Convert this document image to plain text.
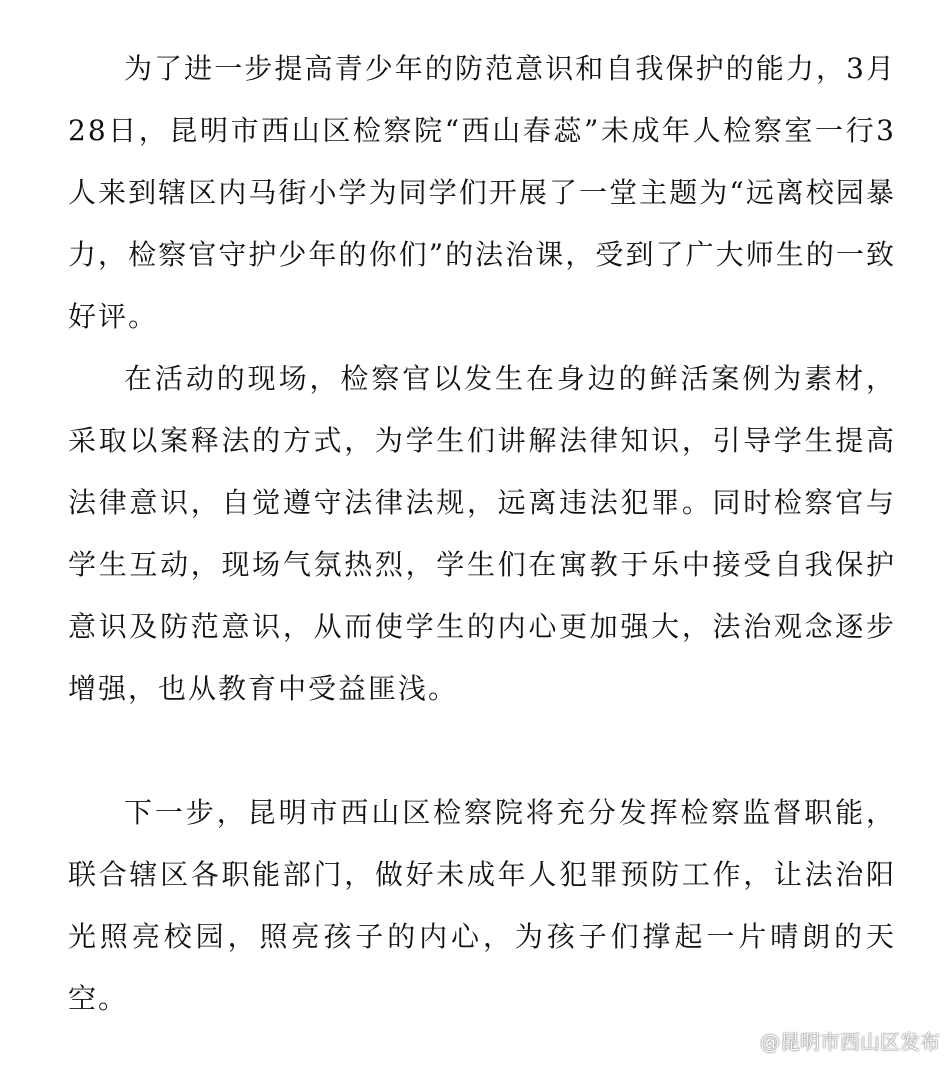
为了进一步提高青少年的防范意识和自我保护的能力，3月28日，昆明市西山区检察院“西山春蕊”未成年人检察室一行3人来到辖区内马街小学为同学们开展了一堂主题为“远离校园暴力，检察官守护少年的你们”的法治课，受到了广大师生的一致好评。

在活动的现场，检察官以发生在身边的鲜活案例为素材，采取以案释法的方式，为学生们讲解法律知识，引导学生提高法律意识，自觉遵守法律法规，远离违法犯罪。同时检察官与学生互动，现场气氛热烈，学生们在寓教于乐中接受自我保护意识及防范意识，从而使学生的内心更加强大，法治观念逐步增强，也从教育中受益匪浅。

下一步，昆明市西山区检察院将充分发挥检察监督职能，联合辖区各职能部门，做好未成年人犯罪预防工作，让法治阳光照亮校园，照亮孩子的内心，为孩子们撑起一片晴朗的天空。

@昆明市西山区发布
